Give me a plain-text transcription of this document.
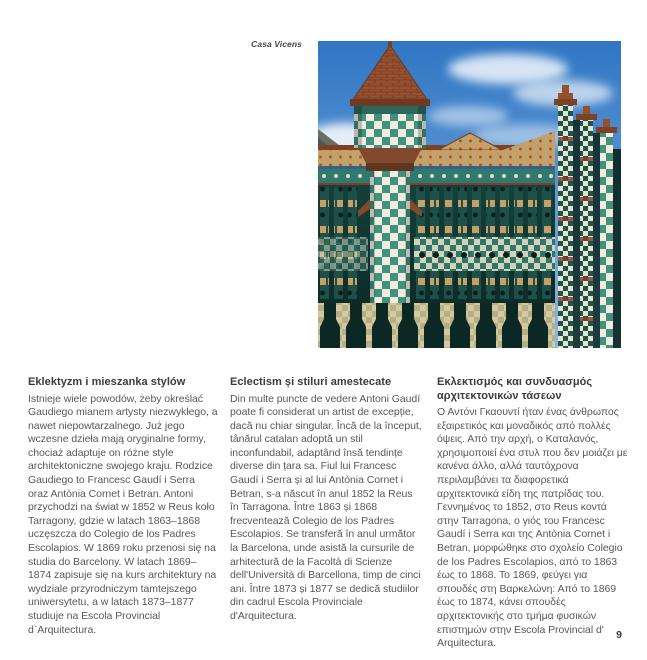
Casa Vicens
Eklektyzm i mieszanka stylów

Istnieje wiele powodów, żeby określać Gaudiego mianem artysty niezwykłego, a nawet niepowtarzalnego. Już jego wczesne dzieła mają oryginalne formy, chociaż adaptuje on różne style architektoniczne swojego kraju. Rodzice Gaudiego to Francesc Gaudí i Serra oraz Antònia Cornet i Betran. Antoni przychodzi na świat w 1852 w Reus koło Tarragony, gdzie w latach 1863–1868 uczęszcza do Colegio de los Padres Escolapios. W 1869 roku przenosi się na studia do Barcelony. W latach 1869–1874 zapisuje się na kurs architektury na wydziale przyrodniczym tamtejszego uniwersytetu, a w latach 1873–1877 studiuje na Escola Provincial d`Arquitectura.

Eclectism și stiluri amestecate

Din multe puncte de vedere Antoni Gaudí poate fi considerat un artist de excepție, dacă nu chiar singular. Încă de la început, tânărul catalan adoptă un stil inconfundabil, adaptând însă tendințe diverse din țara sa. Fiul lui Francesc Gaudí i Serra și al lui Antònia Cornet i Betran, s-a născut în anul 1852 la Reus în Tarragona. Între 1863 și 1868 frecventează Colegio de los Padres Escolapios. Se transferă în anul următor la Barcelona, unde asistă la cursurile de arhitectură de la Facoltà di Scienze dell'Università di Barcellona, timp de cinci ani. Între 1873 și 1877 se dedică studiilor din cadrul Escola Provinciale d'Arquitectura.

Εκλεκτισμός και συνδυασμός αρχιτεκτονικών τάσεων

Ο Αντόνι Γκαουντί ήταν ένας άνθρωπος εξαιρετικός και μοναδικός από πολλές όψεις. Από την αρχή, ο Καταλανός, χρησιμοποιεί ένα στυλ που δεν μοιάζει με κανένα άλλο, αλλά ταυτόχρονα περιλαμβάνει τα διαφορετικά αρχιτεκτονικά είδη της πατρίδας του. Γεννημένος το 1852, στο Reus κοντά στην Tarragona, ο γιός του Francesc Gaudí i Serra και της Antònia Cornet i Betran, μορφώθηκε στο σχολείο Colegio de los Padres Escolapios, από το 1863 έως το 1868. Το 1869, φεύγει για σπουδές στη Βαρκελώνη: Από το 1869 έως το 1874, κάνει σπουδές αρχιτεκτονικής στο τμήμα φυσικών επιστημών στην Escola Provincial d' Arquitectura.

9
